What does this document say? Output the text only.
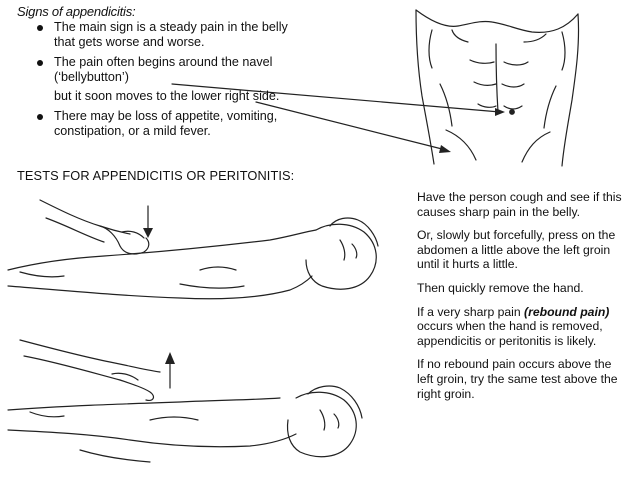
Signs of appendicitis:
The main sign is a steady pain in the belly
that gets worse and worse.
The pain often begins around the navel
(‘bellybutton’)
but it soon moves to the lower right side.
There may be loss of appetite, vomiting,
constipation, or a mild fever.
TESTS FOR APPENDICITIS OR PERITONITIS:

Have the person cough and see if this causes sharp pain in the belly.

Or, slowly but forcefully, press on the abdomen a little above the left groin until it hurts a little.

Then quickly remove the hand.

If a very sharp pain (rebound pain) occurs when the hand is removed, appendicitis or peritonitis is likely.

If no rebound pain occurs above the left groin, try the same test above the right groin.
